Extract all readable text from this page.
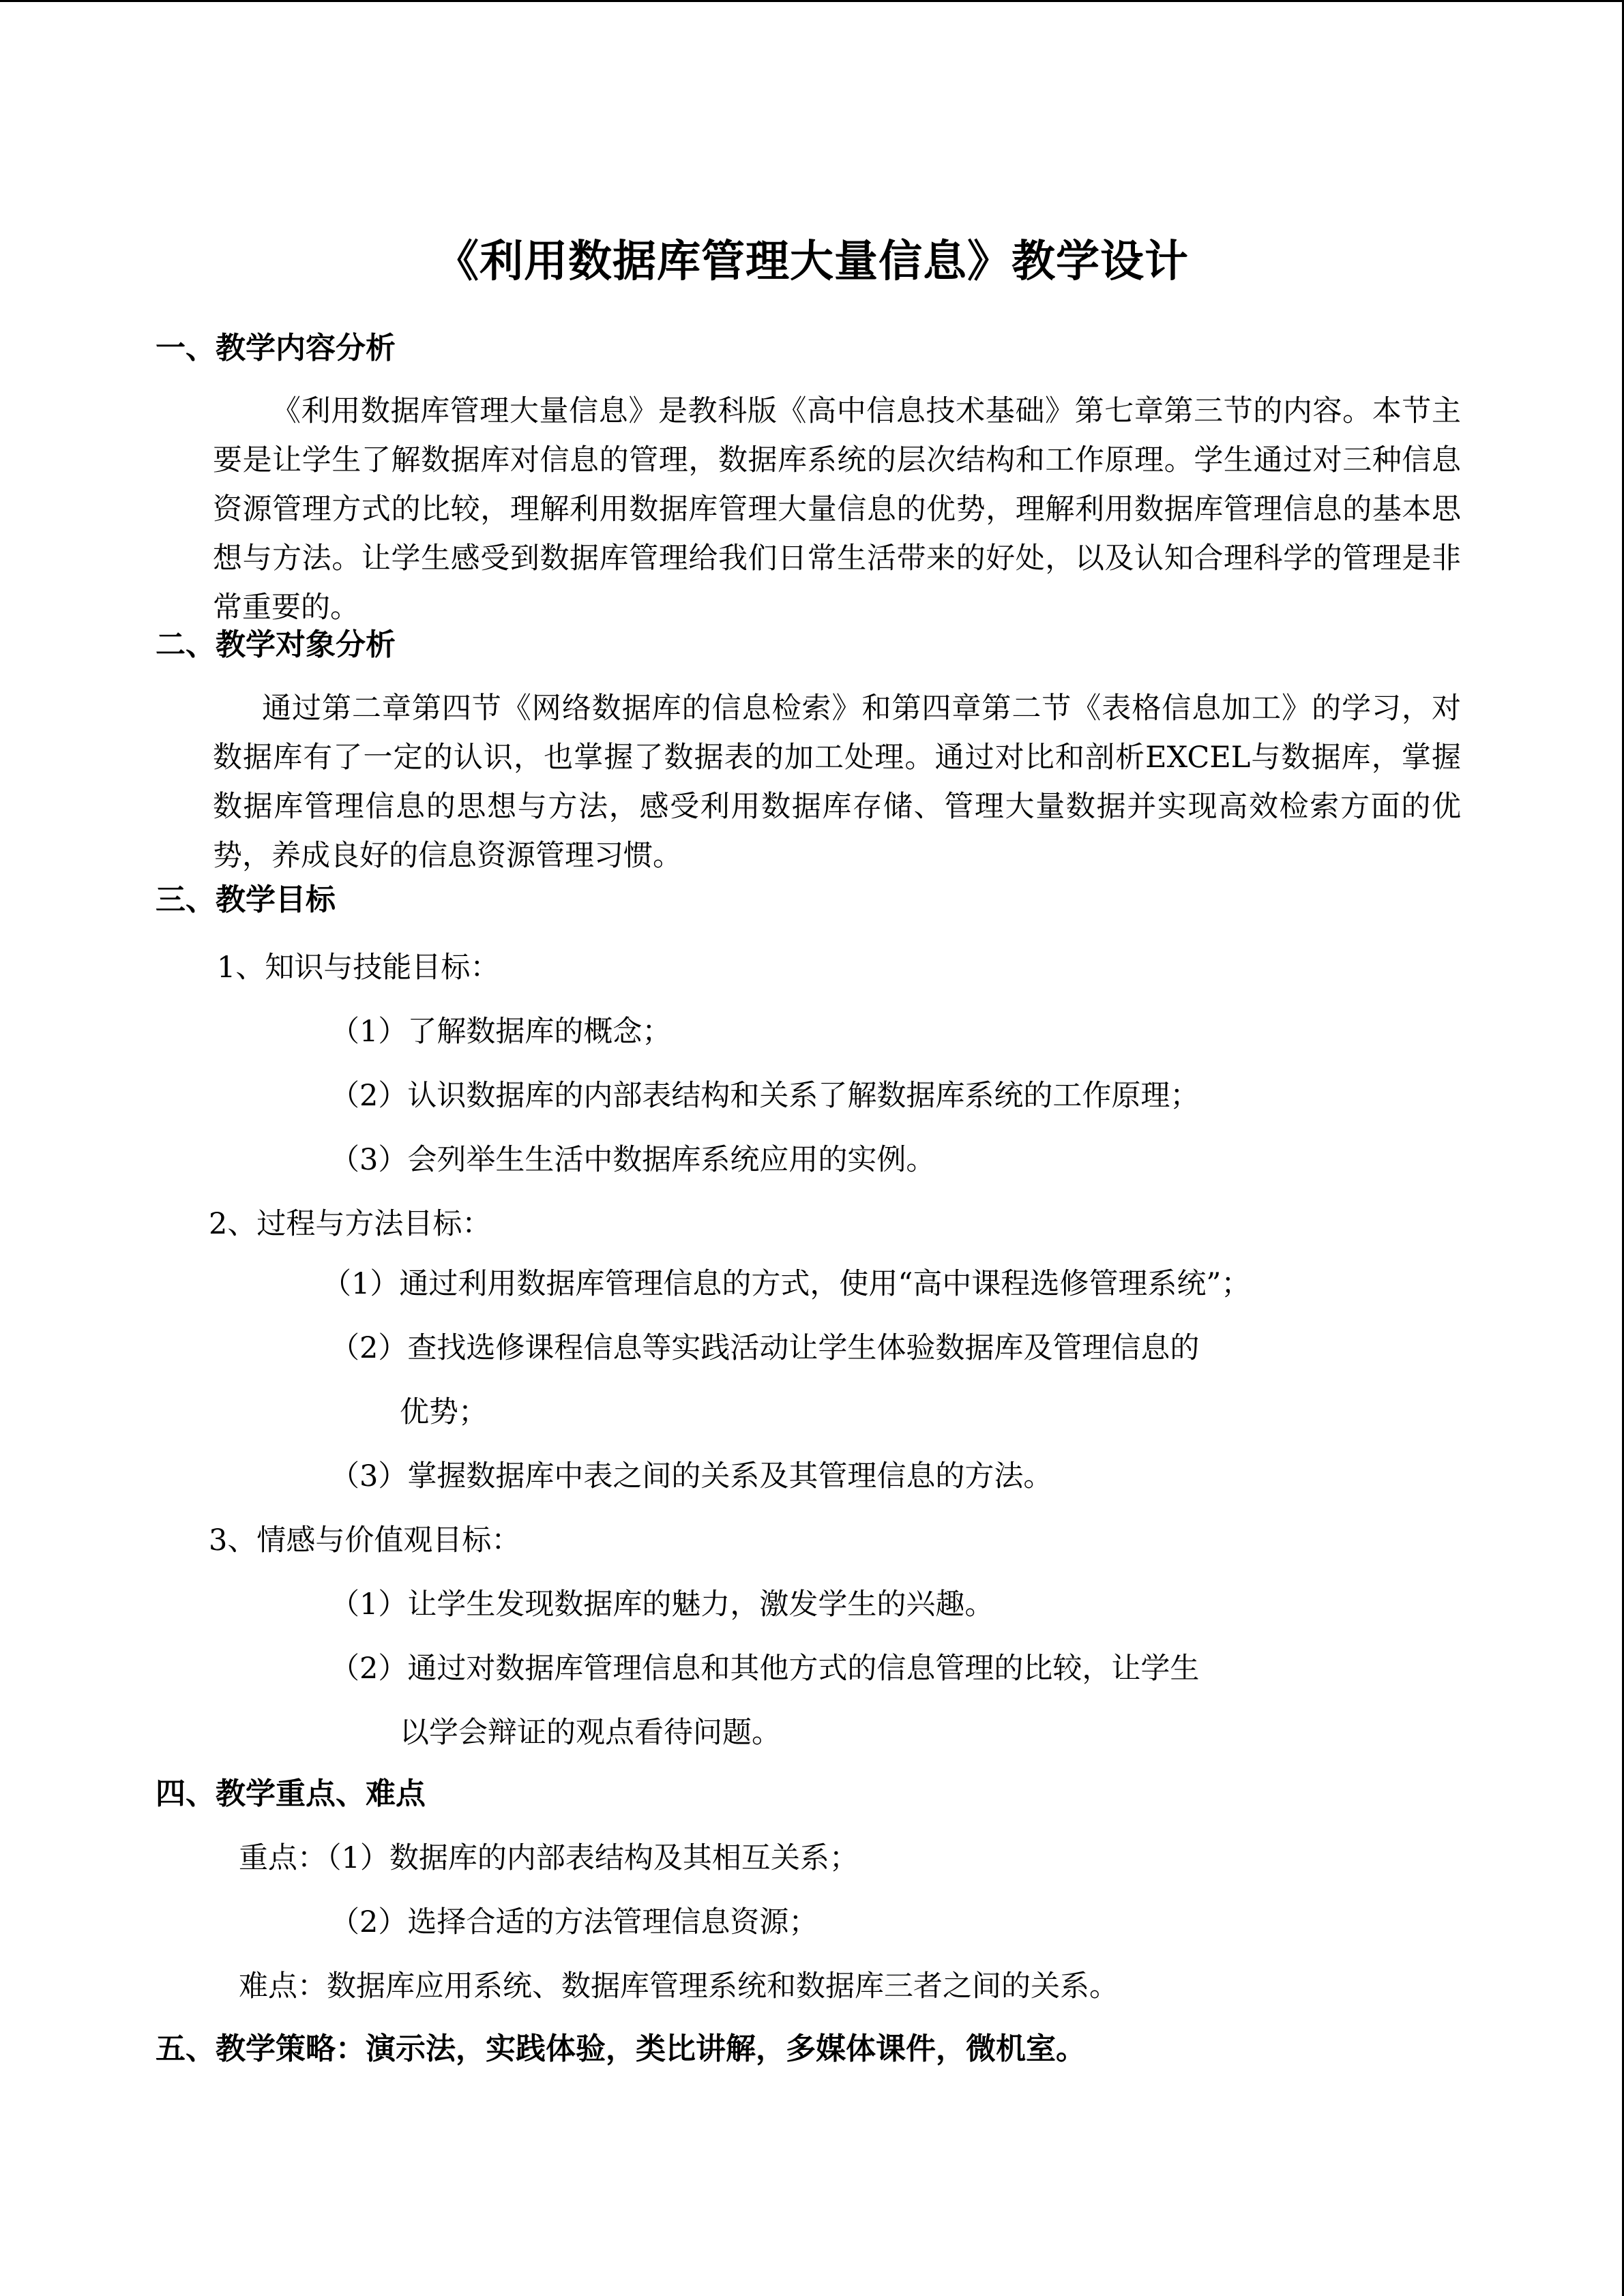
《利用数据库管理大量信息》教学设计
一、教学内容分析

《利用数据库管理大量信息》是教科版《高中信息技术基础》第七章第三节的内容。本节主要是让学生了解数据库对信息的管理，数据库系统的层次结构和工作原理。学生通过对三种信息资源管理方式的比较，理解利用数据库管理大量信息的优势，理解利用数据库管理信息的基本思想与方法。让学生感受到数据库管理给我们日常生活带来的好处，以及认知合理科学的管理是非常重要的。

二、教学对象分析

通过第二章第四节《网络数据库的信息检索》和第四章第二节《表格信息加工》的学习，对数据库有了一定的认识，也掌握了数据表的加工处理。通过对比和剖析EXCEL与数据库，掌握数据库管理信息的思想与方法，感受利用数据库存储、管理大量数据并实现高效检索方面的优势，养成良好的信息资源管理习惯。

三、教学目标
1、知识与技能目标：
（1）了解数据库的概念；
（2）认识数据库的内部表结构和关系了解数据库系统的工作原理；
（3）会列举生生活中数据库系统应用的实例。
2、过程与方法目标：
（1）通过利用数据库管理信息的方式，使用“高中课程选修管理系统”；
（2）查找选修课程信息等实践活动让学生体验数据库及管理信息的
优势；
（3）掌握数据库中表之间的关系及其管理信息的方法。
3、情感与价值观目标：
（1）让学生发现数据库的魅力，激发学生的兴趣。
（2）通过对数据库管理信息和其他方式的信息管理的比较，让学生
以学会辩证的观点看待问题。
四、教学重点、难点
重点：（1）数据库的内部表结构及其相互关系；
（2）选择合适的方法管理信息资源；
难点：数据库应用系统、数据库管理系统和数据库三者之间的关系。
五、教学策略：演示法，实践体验，类比讲解，多媒体课件，微机室。
